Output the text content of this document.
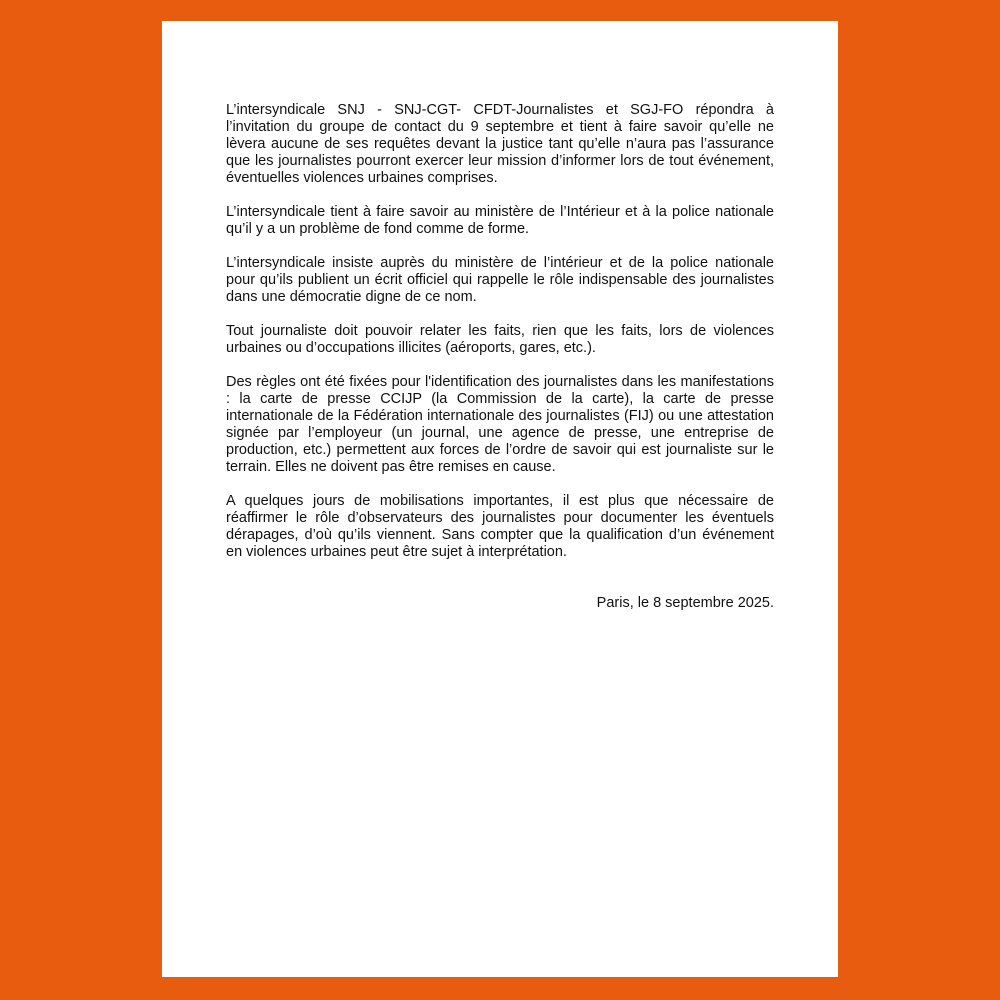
L’intersyndicale SNJ - SNJ-CGT- CFDT-Journalistes et SGJ-FO répondra à l’invitation du groupe de contact du 9 septembre et tient à faire savoir qu’elle ne lèvera aucune de ses requêtes devant la justice tant qu’elle n’aura pas l’assurance que les journalistes pourront exercer leur mission d’informer lors de tout événement, éventuelles violences urbaines comprises.

L’intersyndicale tient à faire savoir au ministère de l’Intérieur et à la police nationale qu’il y a un problème de fond comme de forme.

L’intersyndicale insiste auprès du ministère de l’intérieur et de la police nationale pour qu’ils publient un écrit officiel qui rappelle le rôle indispensable des journalistes dans une démocratie digne de ce nom.

Tout journaliste doit pouvoir relater les faits, rien que les faits, lors de violences urbaines ou d’occupations illicites (aéroports, gares, etc.).

Des règles ont été fixées pour l'identification des journalistes dans les manifestations : la carte de presse CCIJP (la Commission de la carte), la carte de presse internationale de la Fédération internationale des journalistes (FIJ) ou une attestation signée par l’employeur (un journal, une agence de presse, une entreprise de production, etc.) permettent aux forces de l’ordre de savoir qui est journaliste sur le terrain. Elles ne doivent pas être remises en cause.

A quelques jours de mobilisations importantes, il est plus que nécessaire de réaffirmer le rôle d’observateurs des journalistes pour documenter les éventuels dérapages, d’où qu’ils viennent. Sans compter que la qualification d’un événement en violences urbaines peut être sujet à interprétation.

Paris, le 8 septembre 2025.
